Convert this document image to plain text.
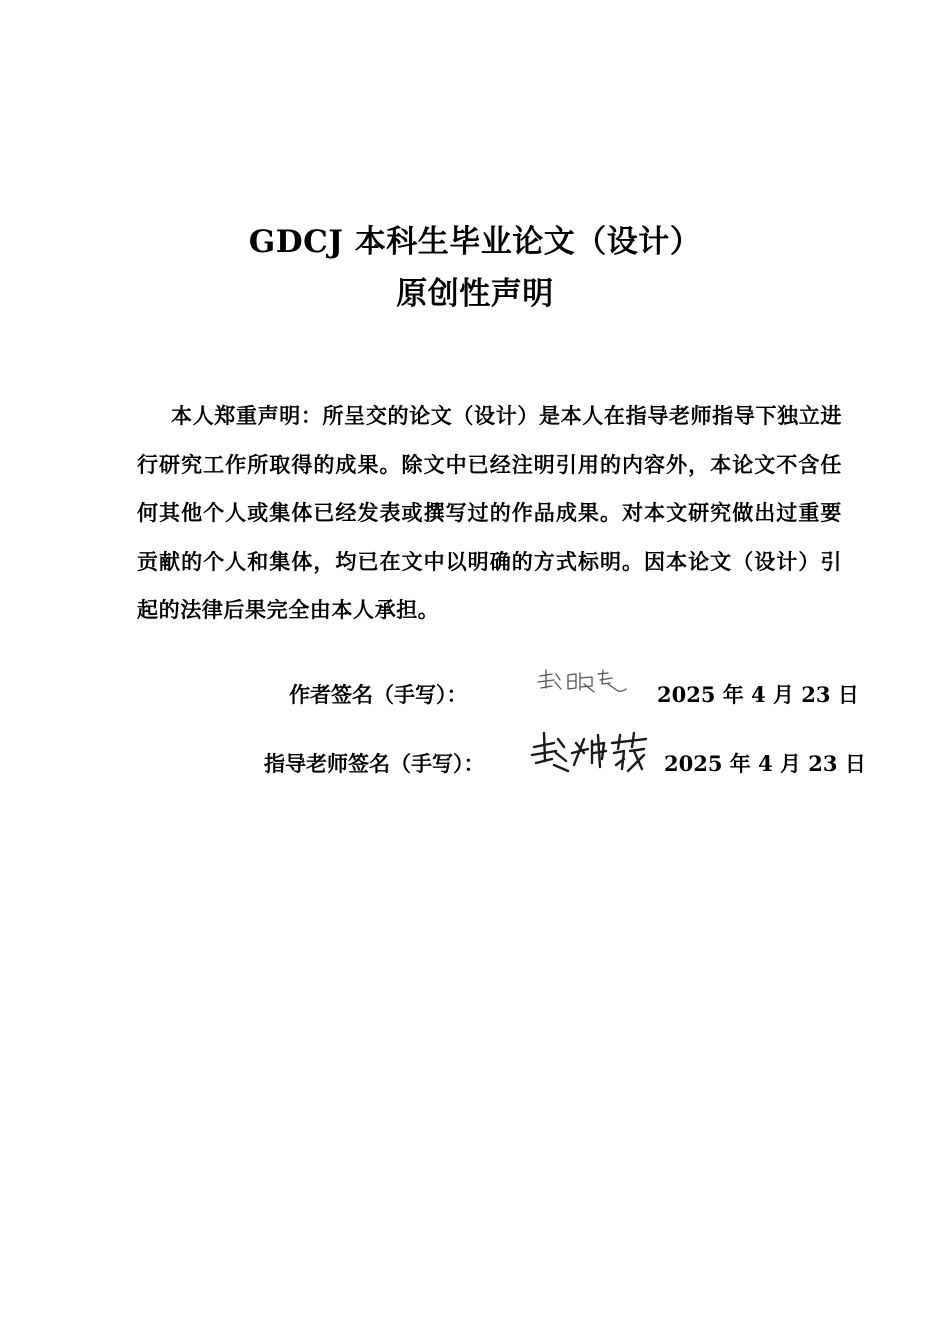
GDCJ 本科生毕业论文（设计）
原创性声明

本人郑重声明：所呈交的论文（设计）是本人在指导老师指导下独立进行研究工作所取得的成果。除文中已经注明引用的内容外，本论文不含任何其他个人或集体已经发表或撰写过的作品成果。对本文研究做出过重要贡献的个人和集体，均已在文中以明确的方式标明。因本论文（设计）引起的法律后果完全由本人承担。

作者签名（手写）：	2025 年 4 月 23 日
指导老师签名（手写）：	2025 年 4 月 23 日
